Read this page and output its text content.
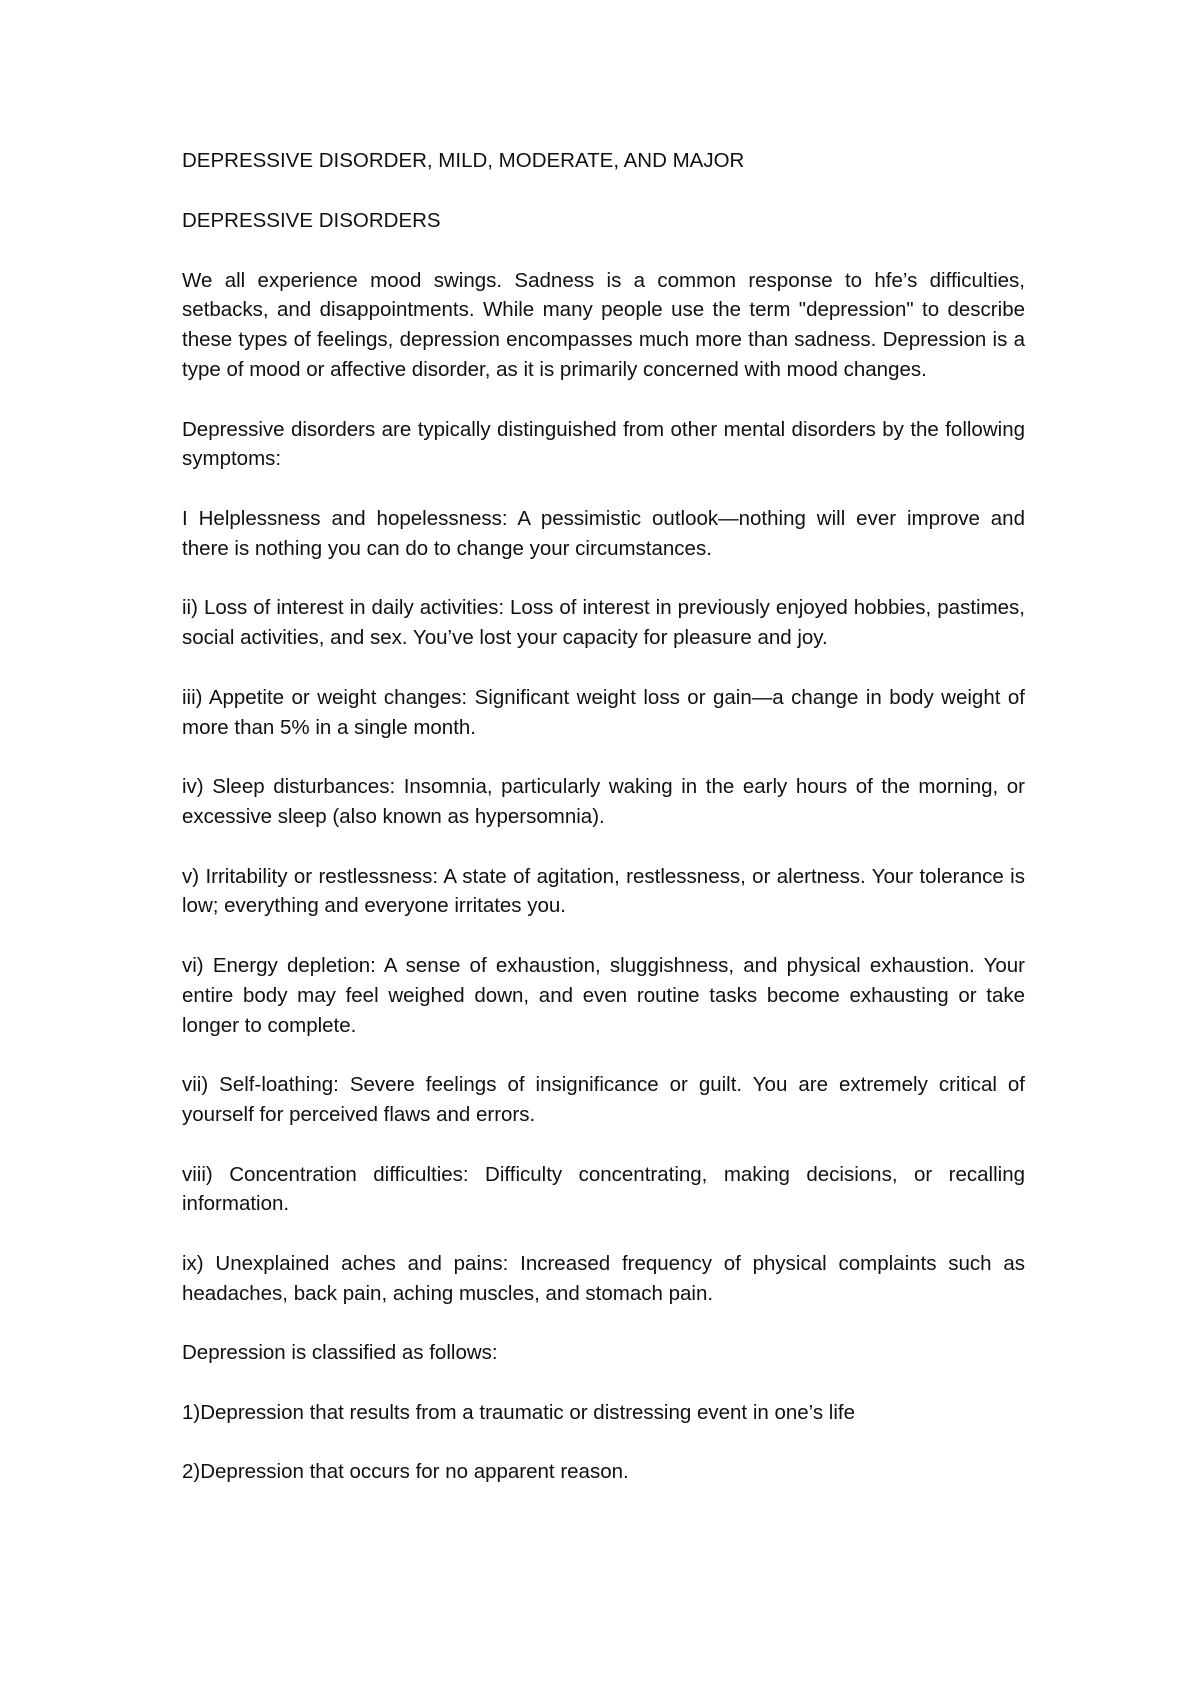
DEPRESSIVE DISORDER, MILD, MODERATE, AND MAJOR

DEPRESSIVE DISORDERS

We all experience mood swings. Sadness is a common response to hfe’s difficulties, setbacks, and disappointments. While many people use the term "depression" to describe these types of feelings, depression encompasses much more than sadness. Depression is a type of mood or affective disorder, as it is primarily concerned with mood changes.

Depressive disorders are typically distinguished from other mental disorders by the following symptoms:

I Helplessness and hopelessness: A pessimistic outlook—nothing will ever improve and there is nothing you can do to change your circumstances.

ii) Loss of interest in daily activities: Loss of interest in previously enjoyed hobbies, pastimes, social activities, and sex. You’ve lost your capacity for pleasure and joy.

iii) Appetite or weight changes: Significant weight loss or gain—a change in body weight of more than 5% in a single month.

iv) Sleep disturbances: Insomnia, particularly waking in the early hours of the morning, or excessive sleep (also known as hypersomnia).

v) Irritability or restlessness: A state of agitation, restlessness, or alertness. Your tolerance is low; everything and everyone irritates you.

vi) Energy depletion: A sense of exhaustion, sluggishness, and physical exhaustion. Your entire body may feel weighed down, and even routine tasks become exhausting or take longer to complete.

vii) Self-loathing: Severe feelings of insignificance or guilt. You are extremely critical of yourself for perceived flaws and errors.

viii) Concentration difficulties: Difficulty concentrating, making decisions, or recalling information.

ix) Unexplained aches and pains: Increased frequency of physical complaints such as headaches, back pain, aching muscles, and stomach pain.

Depression is classified as follows:

1)Depression that results from a traumatic or distressing event in one’s life

2)Depression that occurs for no apparent reason.
